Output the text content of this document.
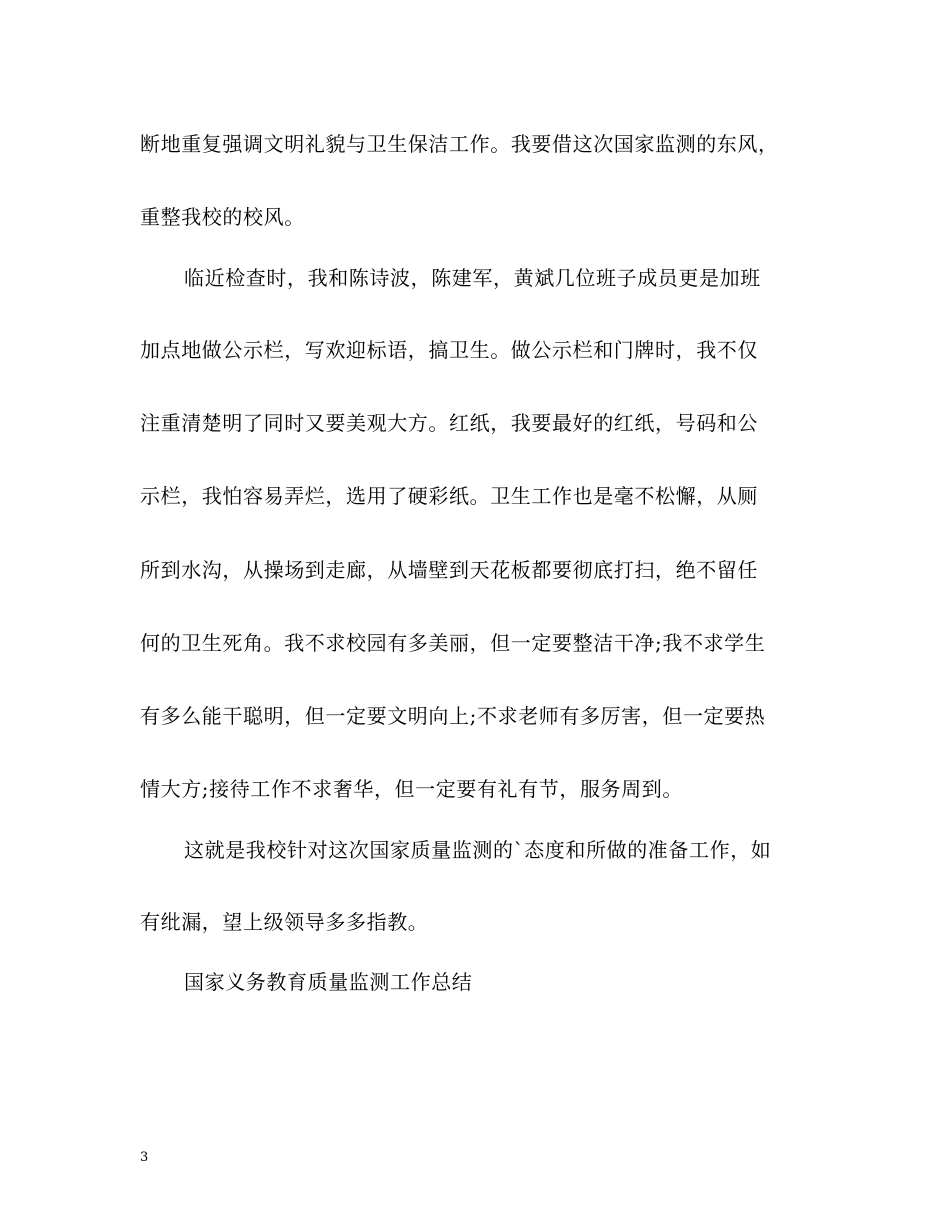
断地重复强调文明礼貌与卫生保洁工作。我要借这次国家监测的东风，
重整我校的校风。
临近检查时，我和陈诗波，陈建军，黄斌几位班子成员更是加班
加点地做公示栏，写欢迎标语，搞卫生。做公示栏和门牌时，我不仅
注重清楚明了同时又要美观大方。红纸，我要最好的红纸，号码和公
示栏，我怕容易弄烂，选用了硬彩纸。卫生工作也是毫不松懈，从厕
所到水沟，从操场到走廊，从墙壁到天花板都要彻底打扫，绝不留任
何的卫生死角。我不求校园有多美丽，但一定要整洁干净;我不求学生
有多么能干聪明，但一定要文明向上;不求老师有多厉害，但一定要热
情大方;接待工作不求奢华，但一定要有礼有节，服务周到。
这就是我校针对这次国家质量监测的`态度和所做的准备工作，如
有纰漏，望上级领导多多指教。
国家义务教育质量监测工作总结
3
